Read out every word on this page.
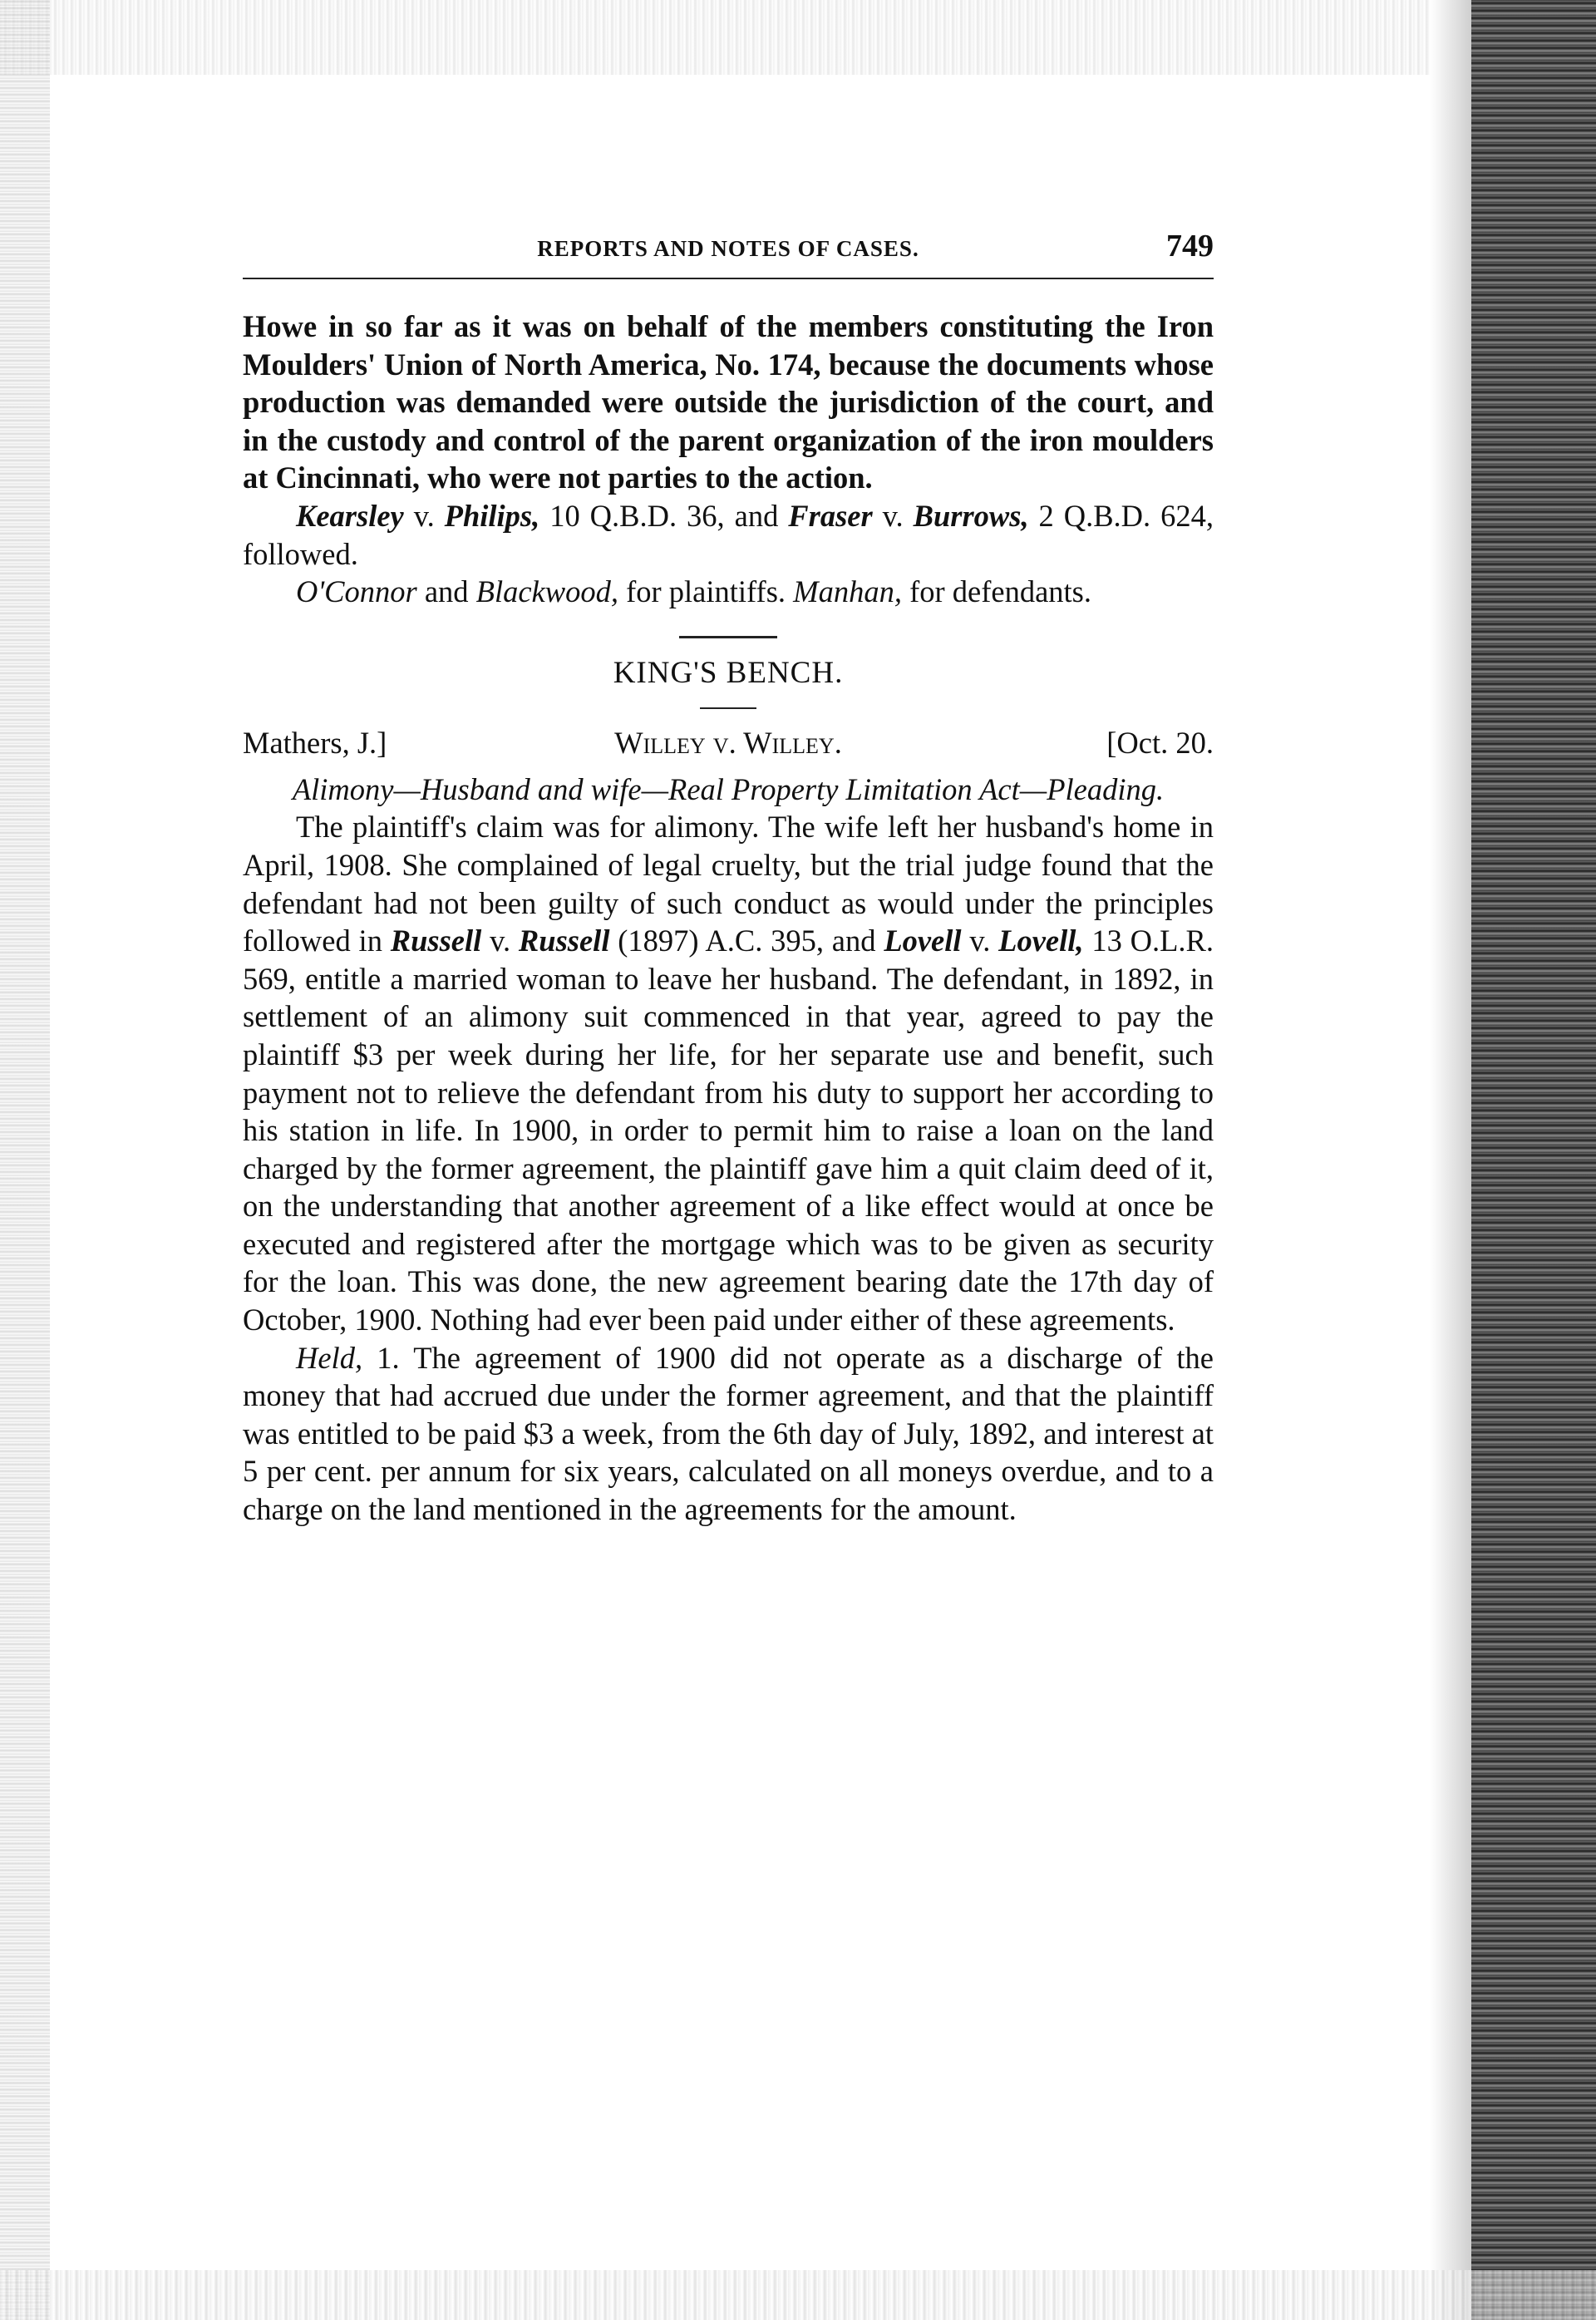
REPORTS AND NOTES OF CASES.	749

Howe in so far as it was on behalf of the members constituting the Iron Moulders' Union of North America, No. 174, because the documents whose production was demanded were outside the jurisdiction of the court, and in the custody and control of the parent organization of the iron moulders at Cincinnati, who were not parties to the action.

Kearsley v. Philips, 10 Q.B.D. 36, and Fraser v. Burrows, 2 Q.B.D. 624, followed.

O'Connor and Blackwood, for plaintiffs. Manhan, for defendants.

KING'S BENCH.
Mathers, J.]	Willey v. Willey.	[Oct. 20.
Alimony—Husband and wife—Real Property Limitation Act—Pleading.

The plaintiff's claim was for alimony. The wife left her husband's home in April, 1908. She complained of legal cruelty, but the trial judge found that the defendant had not been guilty of such conduct as would under the principles followed in Russell v. Russell (1897) A.C. 395, and Lovell v. Lovell, 13 O.L.R. 569, entitle a married woman to leave her husband. The defendant, in 1892, in settlement of an alimony suit commenced in that year, agreed to pay the plaintiff $3 per week during her life, for her separate use and benefit, such payment not to relieve the defendant from his duty to support her according to his station in life. In 1900, in order to permit him to raise a loan on the land charged by the former agreement, the plaintiff gave him a quit claim deed of it, on the understanding that another agreement of a like effect would at once be executed and registered after the mortgage which was to be given as security for the loan. This was done, the new agreement bearing date the 17th day of October, 1900. Nothing had ever been paid under either of these agreements.

Held, 1. The agreement of 1900 did not operate as a discharge of the money that had accrued due under the former agreement, and that the plaintiff was entitled to be paid $3 a week, from the 6th day of July, 1892, and interest at 5 per cent. per annum for six years, calculated on all moneys overdue, and to a charge on the land mentioned in the agreements for the amount.
